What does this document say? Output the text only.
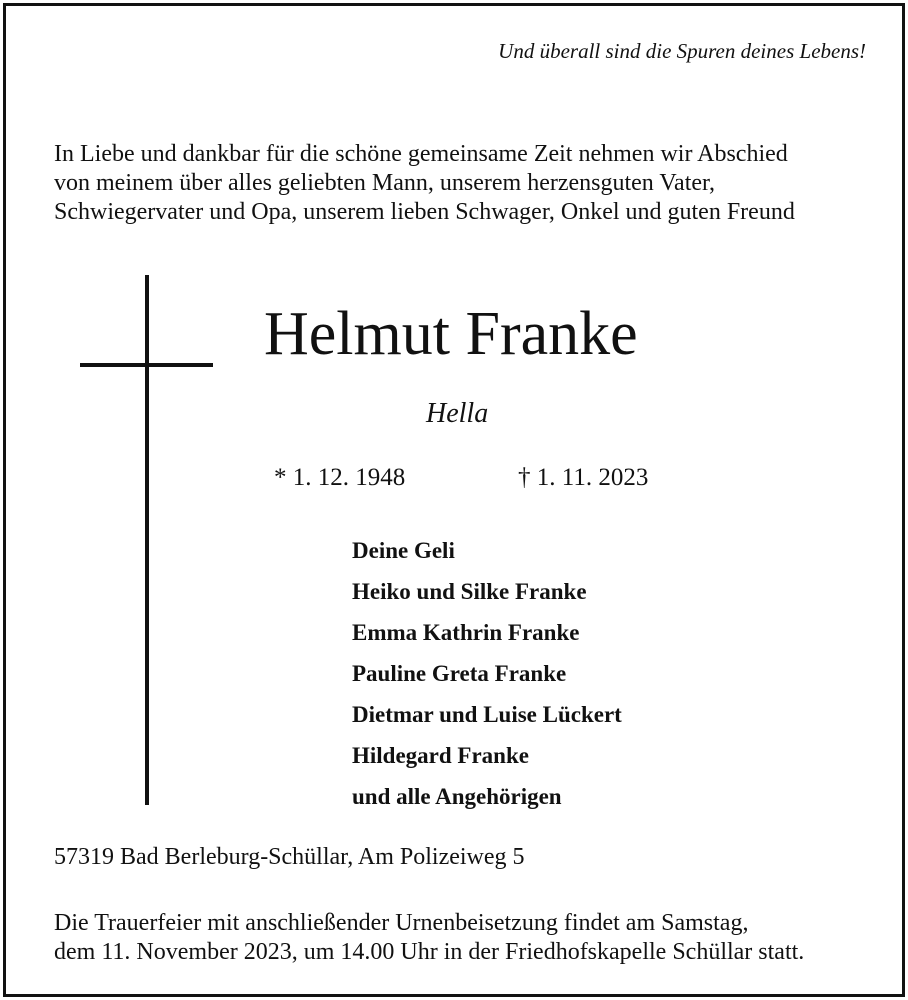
Und überall sind die Spuren deines Lebens!
In Liebe und dankbar für die schöne gemeinsame Zeit nehmen wir Abschied
von meinem über alles geliebten Mann, unserem herzensguten Vater,
Schwiegervater und Opa, unserem lieben Schwager, Onkel und guten Freund
Helmut Franke
Hella
* 1. 12. 1948	† 1. 11. 2023
Deine Geli
Heiko und Silke Franke
Emma Kathrin Franke
Pauline Greta Franke
Dietmar und Luise Lückert
Hildegard Franke
und alle Angehörigen
57319 Bad Berleburg-Schüllar, Am Polizeiweg 5
Die Trauerfeier mit anschließender Urnenbeisetzung findet am Samstag,
dem 11. November 2023, um 14.00 Uhr in der Friedhofskapelle Schüllar statt.
